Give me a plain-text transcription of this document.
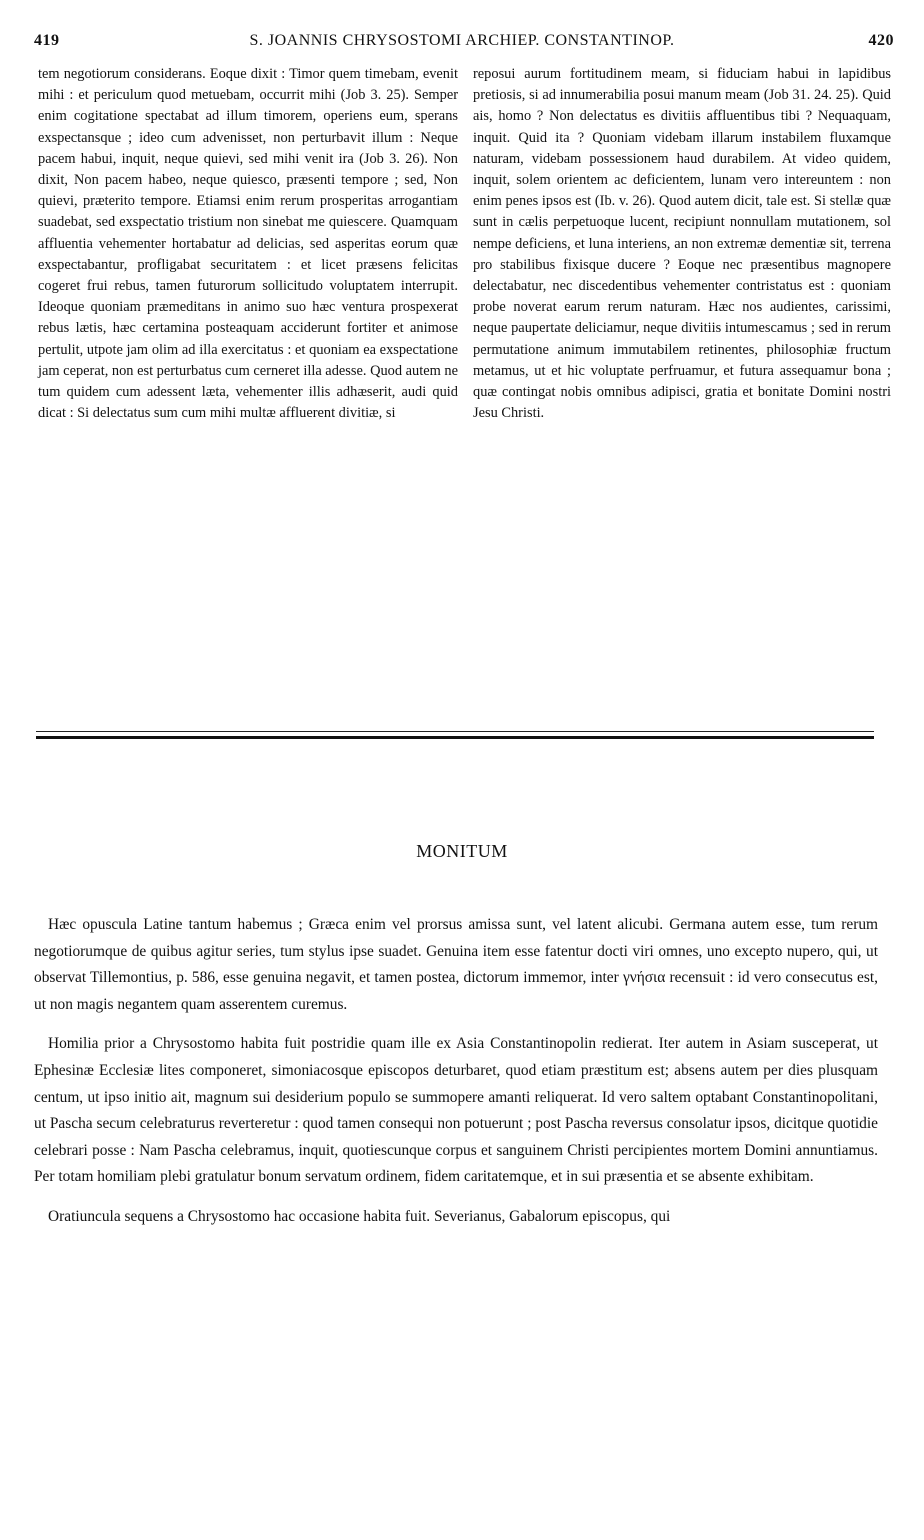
419	S. JOANNIS CHRYSOSTOMI ARCHIEP. CONSTANTINOP.	420

tem negotiorum considerans. Eoque dixit : Timor quem timebam, evenit mihi : et periculum quod metuebam, occurrit mihi (Job 3. 25). Semper enim cogitatione spectabat ad illum timorem, operiens eum, sperans exspectansque ; ideo cum advenisset, non perturbavit illum : Neque pacem habui, inquit, neque quievi, sed mihi venit ira (Job 3. 26). Non dixit, Non pacem habeo, neque quiesco, præsenti tempore ; sed, Non quievi, præterito tempore. Etiamsi enim rerum prosperitas arrogantiam suadebat, sed exspectatio tristium non sinebat me quiescere. Quamquam affluentia vehementer hortabatur ad delicias, sed asperitas eorum quæ exspectabantur, profligabat securitatem : et licet præsens felicitas cogeret frui rebus, tamen futurorum sollicitudo voluptatem interrupit. Ideoque quoniam præmeditans in animo suo hæc ventura prospexerat rebus lætis, hæc certamina posteaquam acciderunt fortiter et animose pertulit, utpote jam olim ad illa exercitatus : et quoniam ea exspectatione jam ceperat, non est perturbatus cum cerneret illa adesse. Quod autem ne tum quidem cum adessent læta, vehementer illis adhæserit, audi quid dicat : Si delectatus sum cum mihi multæ affluerent divitiæ, si

reposui aurum fortitudinem meam, si fiduciam habui in lapidibus pretiosis, si ad innumerabilia posui manum meam (Job 31. 24. 25). Quid ais, homo ? Non delectatus es divitiis affluentibus tibi ? Nequaquam, inquit. Quid ita ? Quoniam videbam illarum instabilem fluxamque naturam, videbam possessionem haud durabilem. At video quidem, inquit, solem orientem ac deficientem, lunam vero intereuntem : non enim penes ipsos est (Ib. v. 26). Quod autem dicit, tale est. Si stellæ quæ sunt in cælis perpetuoque lucent, recipiunt nonnullam mutationem, sol nempe deficiens, et luna interiens, an non extremæ dementiæ sit, terrena pro stabilibus fixisque ducere ? Eoque nec præsentibus magnopere delectabatur, nec discedentibus vehementer contristatus est : quoniam probe noverat earum rerum naturam. Hæc nos audientes, carissimi, neque paupertate deliciamur, neque divitiis intumescamus ; sed in rerum permutatione animum immutabilem retinentes, philosophiæ fructum metamus, ut et hic voluptate perfruamur, et futura assequamur bona ; quæ contingat nobis omnibus adipisci, gratia et bonitate Domini nostri Jesu Christi.

MONITUM

Hæc opuscula Latine tantum habemus ; Græca enim vel prorsus amissa sunt, vel latent alicubi. Germana autem esse, tum rerum negotiorumque de quibus agitur series, tum stylus ipse suadet. Genuina item esse fatentur docti viri omnes, uno excepto nupero, qui, ut observat Tillemontius, p. 586, esse genuina negavit, et tamen postea, dictorum immemor, inter γνήσια recensuit : id vero consecutus est, ut non magis negantem quam asserentem curemus.

Homilia prior a Chrysostomo habita fuit postridie quam ille ex Asia Constantinopolin redierat. Iter autem in Asiam susceperat, ut Ephesinæ Ecclesiæ lites componeret, simoniacosque episcopos deturbaret, quod etiam præstitum est; absens autem per dies plusquam centum, ut ipso initio ait, magnum sui desiderium populo se summopere amanti reliquerat. Id vero saltem optabant Constantinopolitani, ut Pascha secum celebraturus reverteretur : quod tamen consequi non potuerunt ; post Pascha reversus consolatur ipsos, dicitque quotidie celebrari posse : Nam Pascha celebramus, inquit, quotiescunque corpus et sanguinem Christi percipientes mortem Domini annuntiamus. Per totam homiliam plebi gratulatur bonum servatum ordinem, fidem caritatemque, et in sui præsentia et se absente exhibitam.

Oratiuncula sequens a Chrysostomo hac occasione habita fuit. Severianus, Gabalorum episcopus, qui
